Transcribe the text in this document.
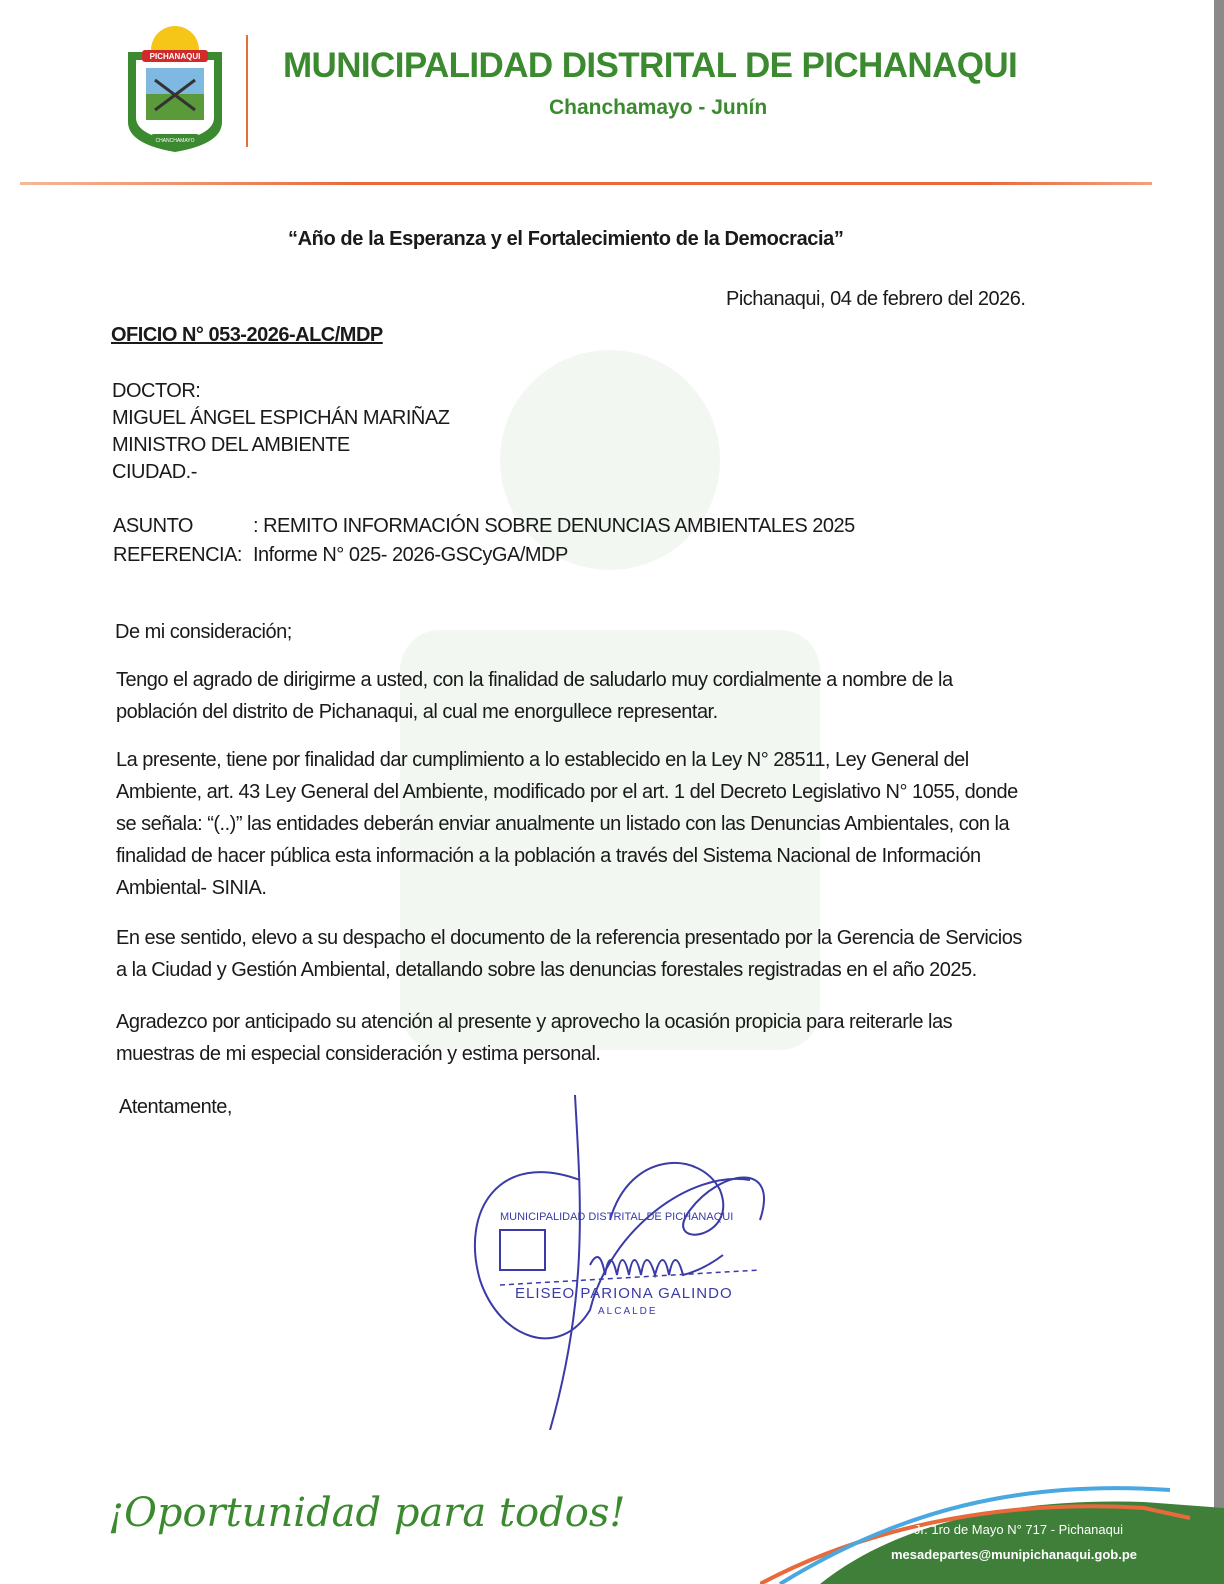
PICHANAQUI
CHANCHAMAYO
MUNICIPALIDAD DISTRITAL DE PICHANAQUI
Chanchamayo - Junín
“Año de la Esperanza y el Fortalecimiento de la Democracia”
Pichanaqui, 04 de febrero del 2026.
OFICIO N° 053-2026-ALC/MDP
DOCTOR:
MIGUEL ÁNGEL ESPICHÁN MARIÑAZ
MINISTRO DEL AMBIENTE
CIUDAD.-
ASUNTO	: REMITO INFORMACIÓN SOBRE DENUNCIAS AMBIENTALES 2025
REFERENCIA: Informe N° 025- 2026-GSCyGA/MDP
De mi consideración;
Tengo el agrado de dirigirme a usted, con la finalidad de saludarlo muy cordialmente a nombre de la
población del distrito de Pichanaqui, al cual me enorgullece representar.
La presente, tiene por finalidad dar cumplimiento a lo establecido en la Ley N° 28511, Ley General del
Ambiente, art. 43 Ley General del Ambiente, modificado por el art. 1 del Decreto Legislativo N° 1055, donde
se señala: “(..)” las entidades deberán enviar anualmente un listado con las Denuncias Ambientales, con la
finalidad de hacer pública esta información a la población a través del Sistema Nacional de Información
Ambiental- SINIA.
En ese sentido, elevo a su despacho el documento de la referencia presentado por la Gerencia de Servicios
a la Ciudad y Gestión Ambiental, detallando sobre las denuncias forestales registradas en el año 2025.
Agradezco por anticipado su atención al presente y aprovecho la ocasión propicia para reiterarle las
muestras de mi especial consideración y estima personal.
Atentamente,
MUNICIPALIDAD DISTRITAL DE PICHANAQUI
ELISEO PARIONA GALINDO
ALCALDE
¡Oportunidad para todos!	Jr. 1ro de Mayo N° 717 - Pichanaqui
mesadepartes@munipichanaqui.gob.pe
